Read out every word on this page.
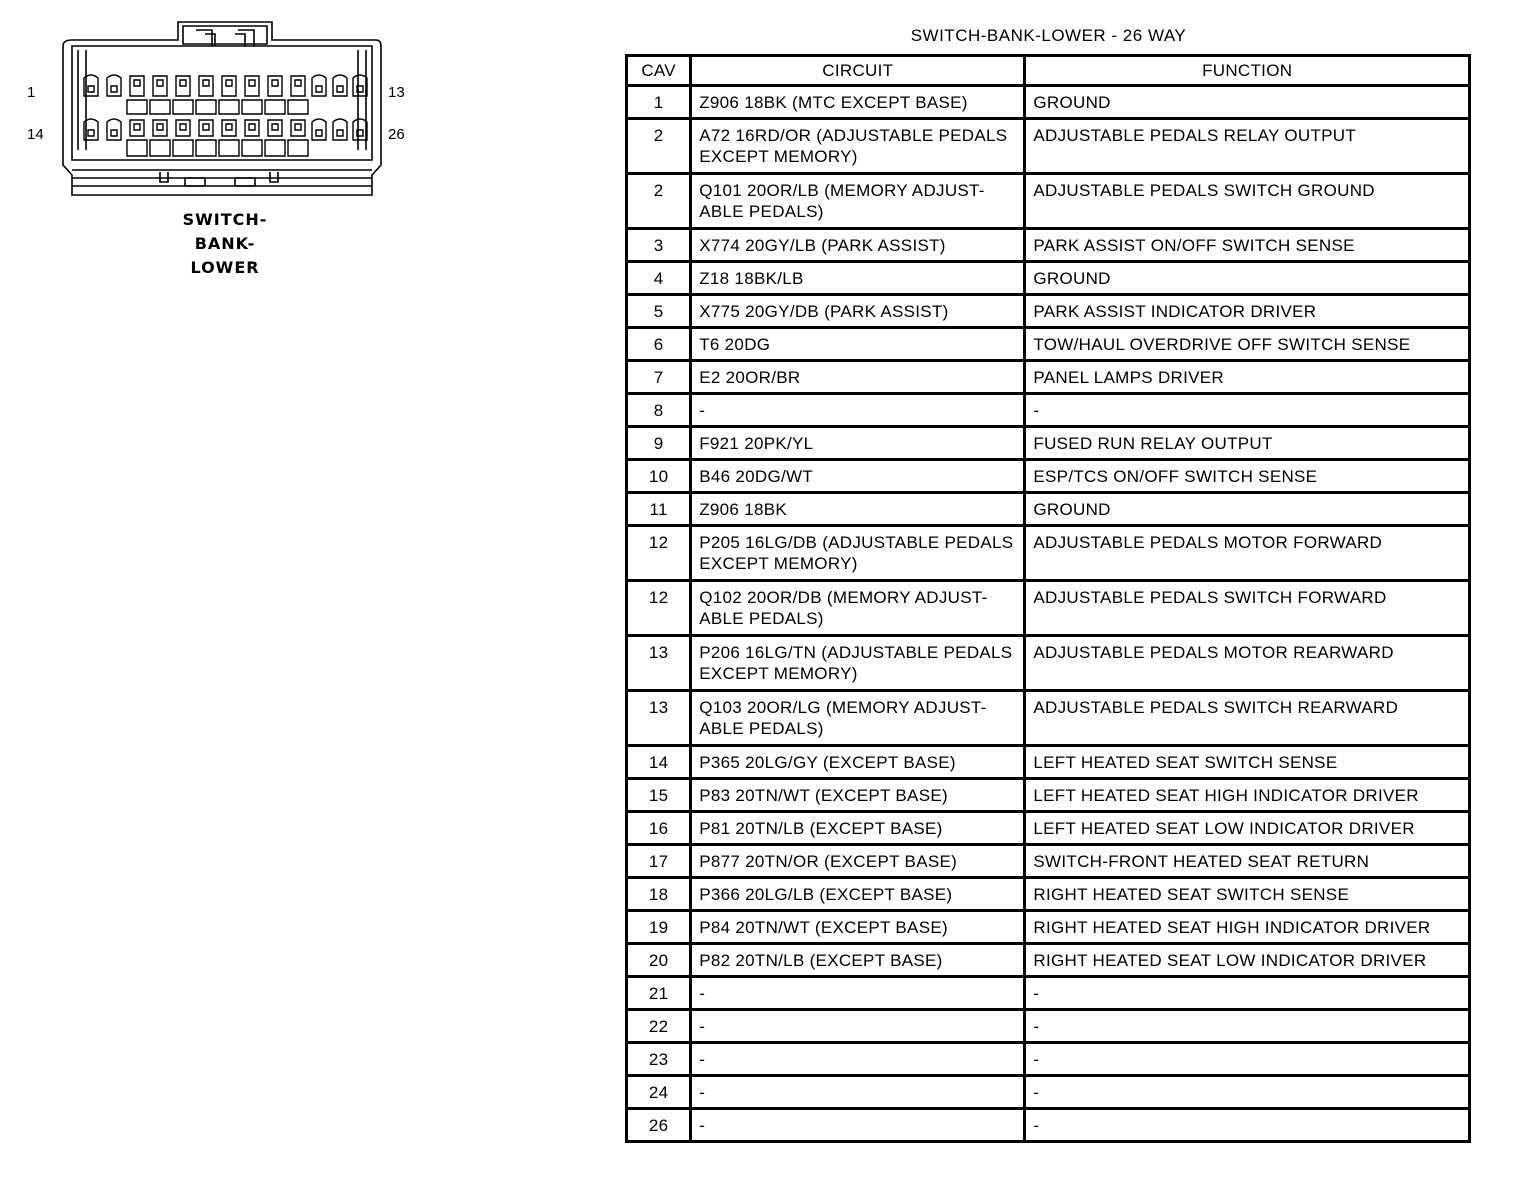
1	13
14	26
SWITCH-
BANK-
LOWER
SWITCH-BANK-LOWER - 26 WAY
CAV	CIRCUIT	FUNCTION
1	Z906 18BK (MTC EXCEPT BASE)	GROUND
2	A72 16RD/OR (ADJUSTABLE PEDALS EXCEPT MEMORY)	ADJUSTABLE PEDALS RELAY OUTPUT
2	Q101 20OR/LB (MEMORY ADJUST-ABLE PEDALS)	ADJUSTABLE PEDALS SWITCH GROUND
3	X774 20GY/LB (PARK ASSIST)	PARK ASSIST ON/OFF SWITCH SENSE
4	Z18 18BK/LB	GROUND
5	X775 20GY/DB (PARK ASSIST)	PARK ASSIST INDICATOR DRIVER
6	T6 20DG	TOW/HAUL OVERDRIVE OFF SWITCH SENSE
7	E2 20OR/BR	PANEL LAMPS DRIVER
8	-	-
9	F921 20PK/YL	FUSED RUN RELAY OUTPUT
10	B46 20DG/WT	ESP/TCS ON/OFF SWITCH SENSE
11	Z906 18BK	GROUND
12	P205 16LG/DB (ADJUSTABLE PEDALS EXCEPT MEMORY)	ADJUSTABLE PEDALS MOTOR FORWARD
12	Q102 20OR/DB (MEMORY ADJUST-ABLE PEDALS)	ADJUSTABLE PEDALS SWITCH FORWARD
13	P206 16LG/TN (ADJUSTABLE PEDALS EXCEPT MEMORY)	ADJUSTABLE PEDALS MOTOR REARWARD
13	Q103 20OR/LG (MEMORY ADJUST-ABLE PEDALS)	ADJUSTABLE PEDALS SWITCH REARWARD
14	P365 20LG/GY (EXCEPT BASE)	LEFT HEATED SEAT SWITCH SENSE
15	P83 20TN/WT (EXCEPT BASE)	LEFT HEATED SEAT HIGH INDICATOR DRIVER
16	P81 20TN/LB (EXCEPT BASE)	LEFT HEATED SEAT LOW INDICATOR DRIVER
17	P877 20TN/OR (EXCEPT BASE)	SWITCH-FRONT HEATED SEAT RETURN
18	P366 20LG/LB (EXCEPT BASE)	RIGHT HEATED SEAT SWITCH SENSE
19	P84 20TN/WT (EXCEPT BASE)	RIGHT HEATED SEAT HIGH INDICATOR DRIVER
20	P82 20TN/LB (EXCEPT BASE)	RIGHT HEATED SEAT LOW INDICATOR DRIVER
21	-	-
22	-	-
23	-	-
24	-	-
26	-	-
